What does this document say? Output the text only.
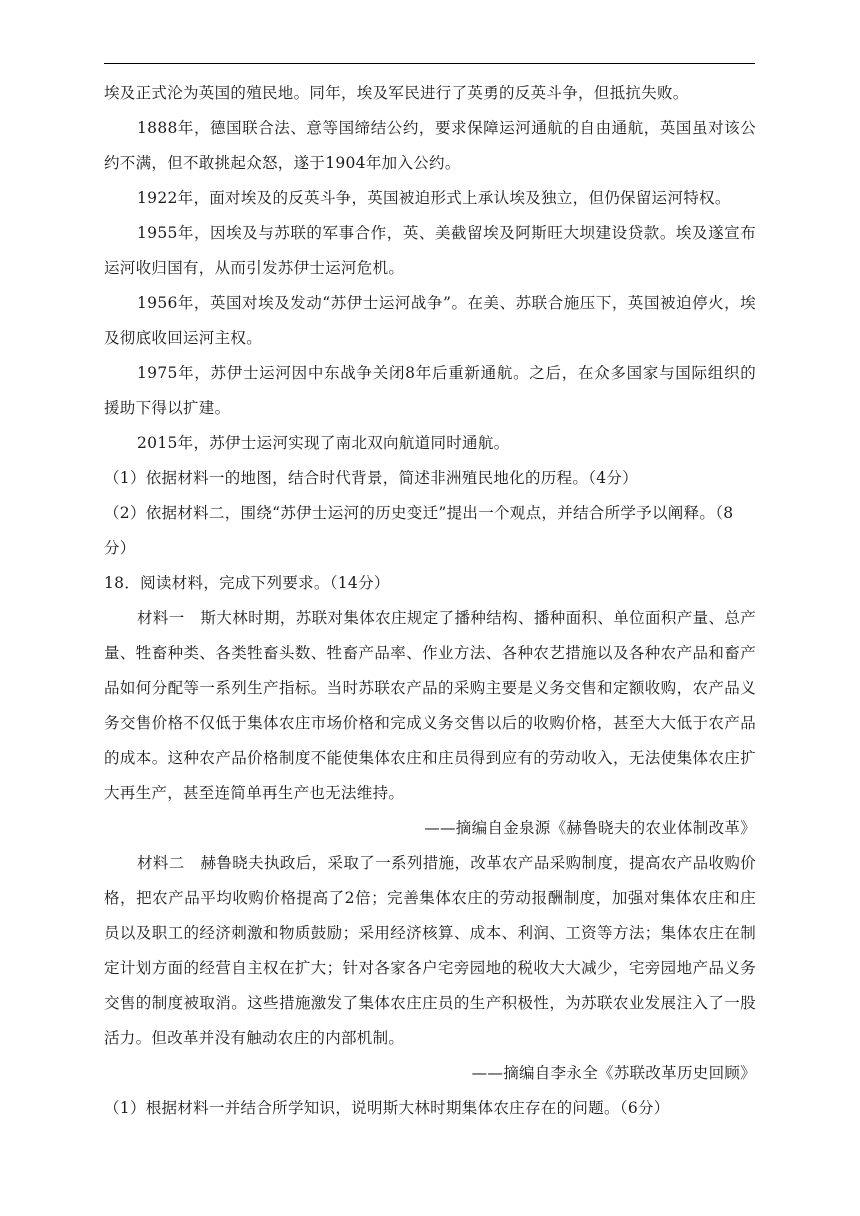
埃及正式沦为英国的殖民地。同年，埃及军民进行了英勇的反英斗争，但抵抗失败。

1888年，德国联合法、意等国缔结公约，要求保障运河通航的自由通航，英国虽对该公约不满，但不敢挑起众怒，遂于1904年加入公约。

1922年，面对埃及的反英斗争，英国被迫形式上承认埃及独立，但仍保留运河特权。

1955年，因埃及与苏联的军事合作，英、美截留埃及阿斯旺大坝建设贷款。埃及遂宣布运河收归国有，从而引发苏伊士运河危机。

1956年，英国对埃及发动“苏伊士运河战争”。在美、苏联合施压下，英国被迫停火，埃及彻底收回运河主权。

1975年，苏伊士运河因中东战争关闭8年后重新通航。之后，在众多国家与国际组织的援助下得以扩建。

2015年，苏伊士运河实现了南北双向航道同时通航。

（1）依据材料一的地图，结合时代背景，简述非洲殖民地化的历程。（4分）

（2）依据材料二，围绕“苏伊士运河的历史变迁”提出一个观点，并结合所学予以阐释。（8分）

18．阅读材料，完成下列要求。（14分）

材料一　斯大林时期，苏联对集体农庄规定了播种结构、播种面积、单位面积产量、总产量、牲畜种类、各类牲畜头数、牲畜产品率、作业方法、各种农艺措施以及各种农产品和畜产品如何分配等一系列生产指标。当时苏联农产品的采购主要是义务交售和定额收购，农产品义务交售价格不仅低于集体农庄市场价格和完成义务交售以后的收购价格，甚至大大低于农产品的成本。这种农产品价格制度不能使集体农庄和庄员得到应有的劳动收入，无法使集体农庄扩大再生产，甚至连简单再生产也无法维持。

——摘编自金泉源《赫鲁晓夫的农业体制改革》

材料二　赫鲁晓夫执政后，采取了一系列措施，改革农产品采购制度，提高农产品收购价格，把农产品平均收购价格提高了2倍；完善集体农庄的劳动报酬制度，加强对集体农庄和庄员以及职工的经济刺激和物质鼓励；采用经济核算、成本、利润、工资等方法；集体农庄在制定计划方面的经营自主权在扩大；针对各家各户宅旁园地的税收大大减少，宅旁园地产品义务交售的制度被取消。这些措施激发了集体农庄庄员的生产积极性，为苏联农业发展注入了一股活力。但改革并没有触动农庄的内部机制。

——摘编自李永全《苏联改革历史回顾》

（1）根据材料一并结合所学知识，说明斯大林时期集体农庄存在的问题。（6分）
